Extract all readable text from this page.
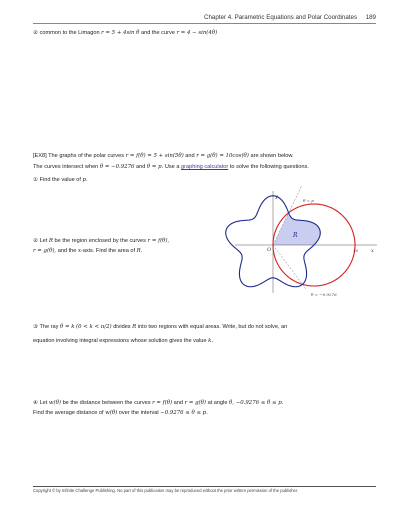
Chapter 4. Parametric Equations and Polar Coordinates 189
② common to the Limagon r = 5 + 4sin θ and the curve r = 4 − sin(4θ)
[EX8] The graphs of the polar curves r = f(θ) = 5 + sin(5θ) and r = g(θ) = 10cos(θ) are shown below.
The curves intersect when θ = −0.9276 and θ = p. Use a graphing calculator to solve the following questions.
① Find the value of p.
② Let R be the region enclosed by the curves r = f(θ),
r = g(θ), and the x-axis. Find the area of R.
y
x
O	10
R
θ = p
θ = −0.9276
③ The ray θ = k (0 < k < π/2) divides R into two regions with equal areas. Write, but do not solve, an
equation involving integral expressions whose solution gives the value k.
④ Let w(θ) be the distance between the curves r = f(θ) and r = g(θ) at angle θ, −0.9276 ≤ θ ≤ p.
Find the average distance of w(θ) over the interval −0.9276 ≤ θ ≤ p.
Copyright © by Infinite Challenge Publishing. No part of this publication may be reproduced without the prior written permission of the publisher.
